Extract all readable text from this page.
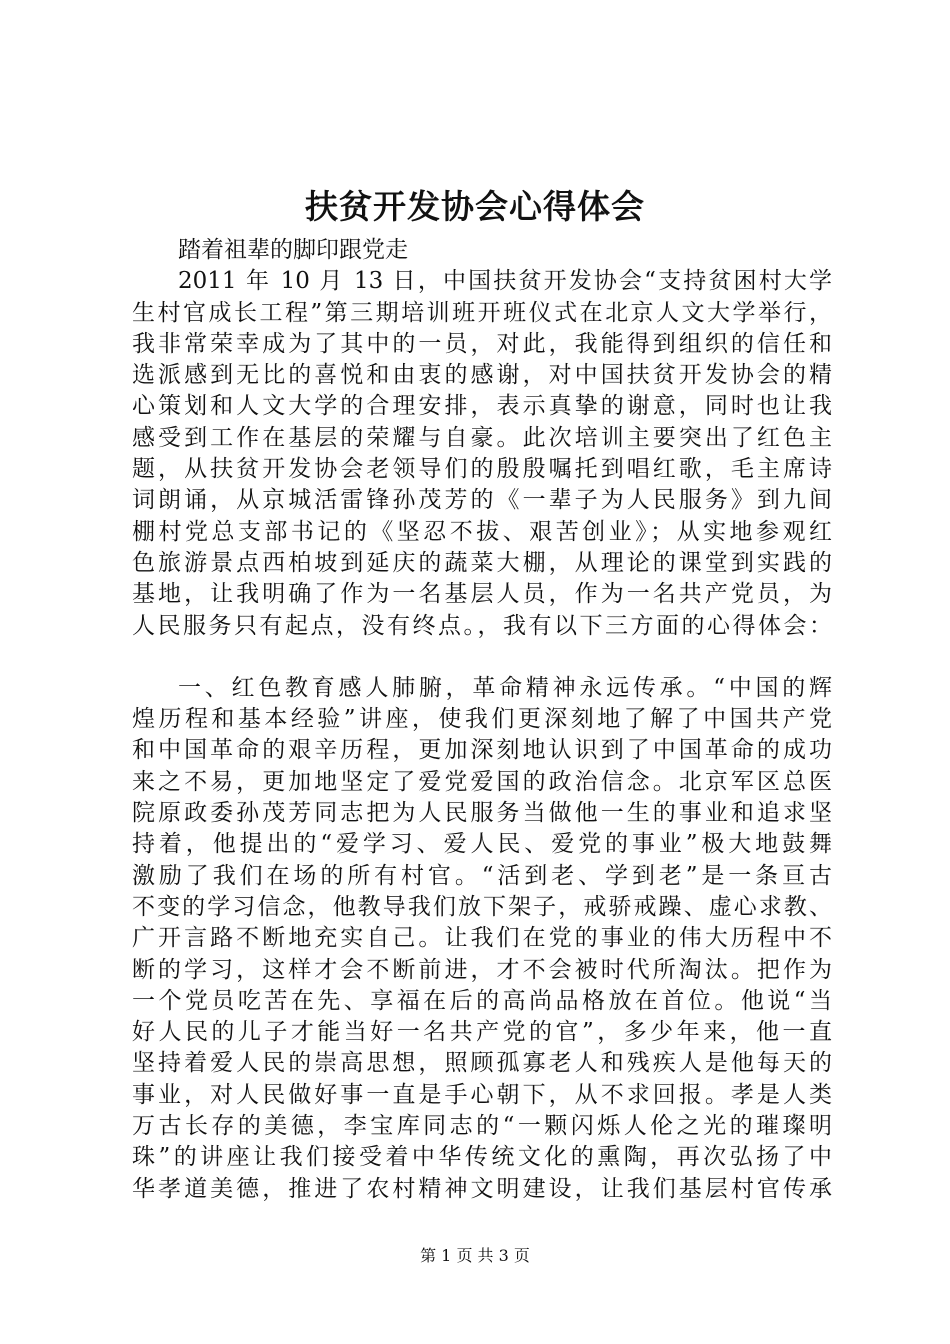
扶贫开发协会心得体会
踏着祖辈的脚印跟党走
2011 年 10 月 13 日，中国扶贫开发协会“支持贫困村大学
生村官成长工程”第三期培训班开班仪式在北京人文大学举行，
我非常荣幸成为了其中的一员，对此，我能得到组织的信任和
选派感到无比的喜悦和由衷的感谢，对中国扶贫开发协会的精
心策划和人文大学的合理安排，表示真挚的谢意，同时也让我
感受到工作在基层的荣耀与自豪。此次培训主要突出了红色主
题，从扶贫开发协会老领导们的殷殷嘱托到唱红歌，毛主席诗
词朗诵，从京城活雷锋孙茂芳的《一辈子为人民服务》到九间
棚村党总支部书记的《坚忍不拔、艰苦创业》；从实地参观红
色旅游景点西柏坡到延庆的蔬菜大棚，从理论的课堂到实践的
基地，让我明确了作为一名基层人员，作为一名共产党员，为
人民服务只有起点，没有终点。，我有以下三方面的心得体会：
一、红色教育感人肺腑，革命精神永远传承。“中国的辉
煌历程和基本经验”讲座，使我们更深刻地了解了中国共产党
和中国革命的艰辛历程，更加深刻地认识到了中国革命的成功
来之不易，更加地坚定了爱党爱国的政治信念。北京军区总医
院原政委孙茂芳同志把为人民服务当做他一生的事业和追求坚
持着，他提出的“爱学习、爱人民、爱党的事业”极大地鼓舞
激励了我们在场的所有村官。“活到老、学到老”是一条亘古
不变的学习信念，他教导我们放下架子，戒骄戒躁、虚心求教、
广开言路不断地充实自己。让我们在党的事业的伟大历程中不
断的学习，这样才会不断前进，才不会被时代所淘汰。把作为
一个党员吃苦在先、享福在后的高尚品格放在首位。他说“当
好人民的儿子才能当好一名共产党的官”，多少年来，他一直
坚持着爱人民的崇高思想，照顾孤寡老人和残疾人是他每天的
事业，对人民做好事一直是手心朝下，从不求回报。孝是人类
万古长存的美德，李宝库同志的“一颗闪烁人伦之光的璀璨明
珠”的讲座让我们接受着中华传统文化的熏陶，再次弘扬了中
华孝道美德，推进了农村精神文明建设，让我们基层村官传承
第 1 页 共 3 页
